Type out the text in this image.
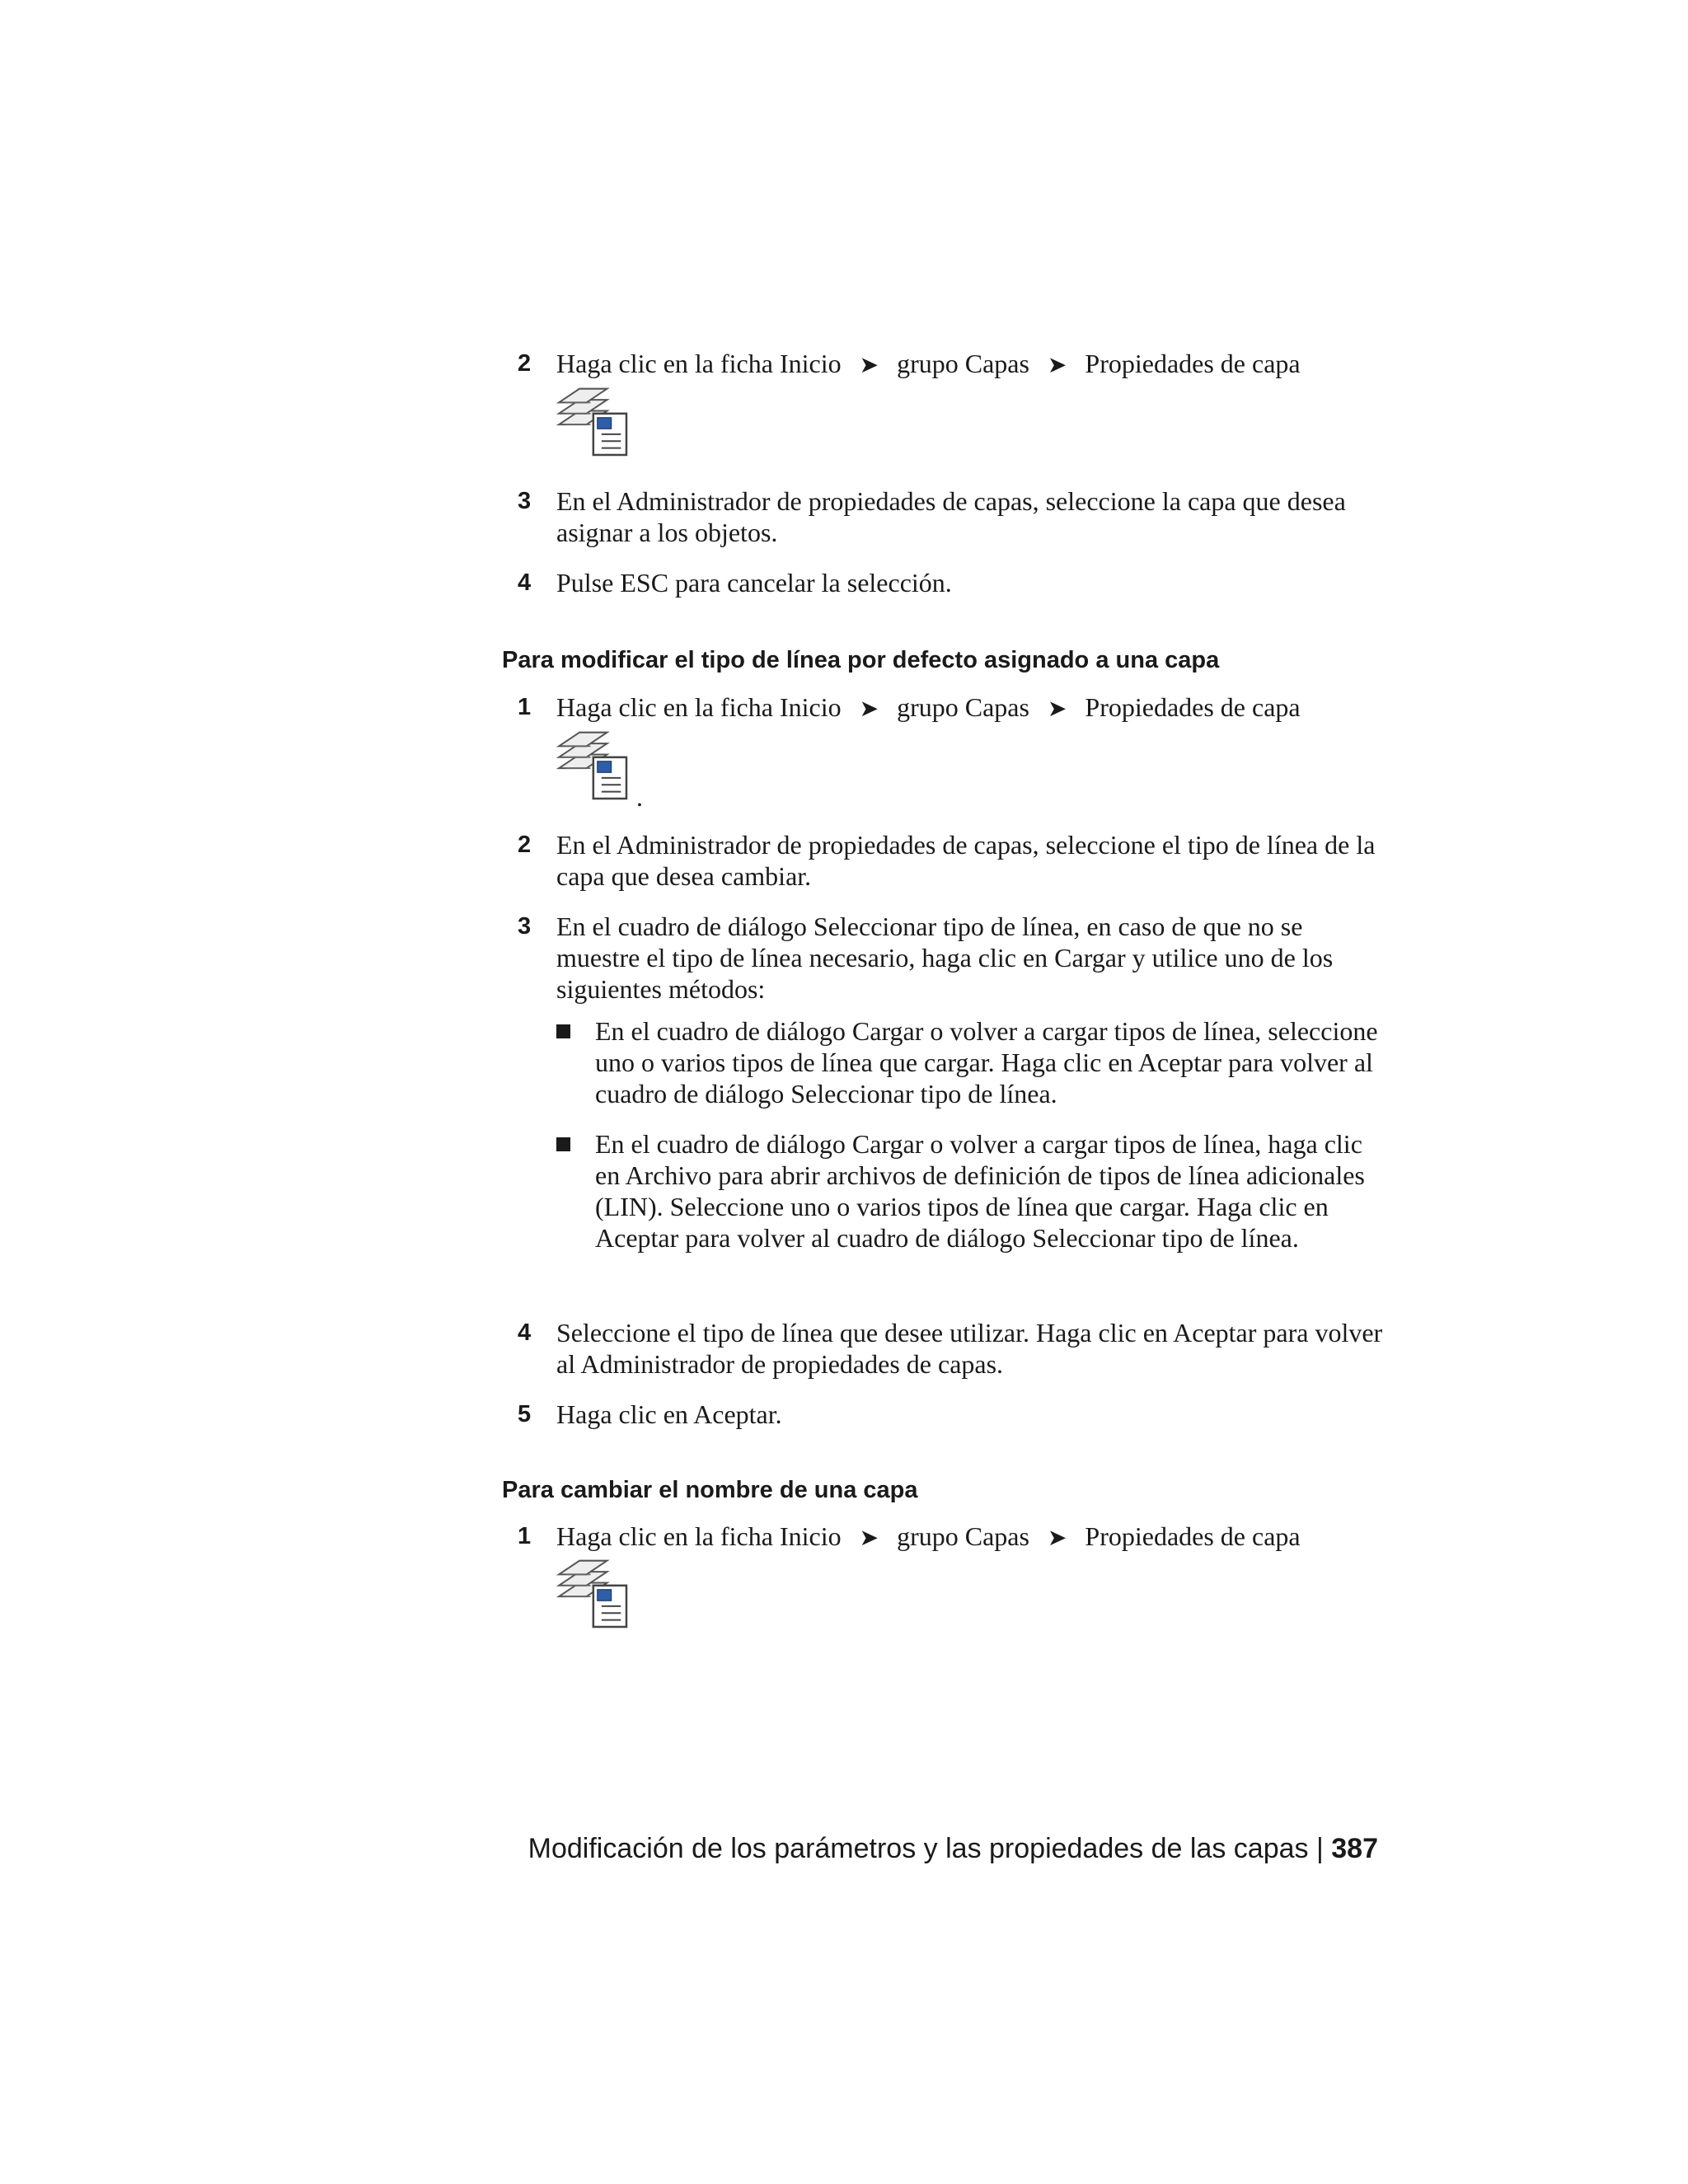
2 Haga clic en la ficha Inicio ➤ grupo Capas ➤ Propiedades de capa
3 En el Administrador de propiedades de capas, seleccione la capa que desea asignar a los objetos.
4 Pulse ESC para cancelar la selección.
Para modificar el tipo de línea por defecto asignado a una capa
1 Haga clic en la ficha Inicio ➤ grupo Capas ➤ Propiedades de capa
.
2 En el Administrador de propiedades de capas, seleccione el tipo de línea de la capa que desea cambiar.
3 En el cuadro de diálogo Seleccionar tipo de línea, en caso de que no se muestre el tipo de línea necesario, haga clic en Cargar y utilice uno de los siguientes métodos:
En el cuadro de diálogo Cargar o volver a cargar tipos de línea, seleccione uno o varios tipos de línea que cargar. Haga clic en Aceptar para volver al cuadro de diálogo Seleccionar tipo de línea.
En el cuadro de diálogo Cargar o volver a cargar tipos de línea, haga clic en Archivo para abrir archivos de definición de tipos de línea adicionales (LIN). Seleccione uno o varios tipos de línea que cargar. Haga clic en Aceptar para volver al cuadro de diálogo Seleccionar tipo de línea.
4 Seleccione el tipo de línea que desee utilizar. Haga clic en Aceptar para volver al Administrador de propiedades de capas.
5 Haga clic en Aceptar.
Para cambiar el nombre de una capa
1 Haga clic en la ficha Inicio ➤ grupo Capas ➤ Propiedades de capa
Modificación de los parámetros y las propiedades de las capas | 387
